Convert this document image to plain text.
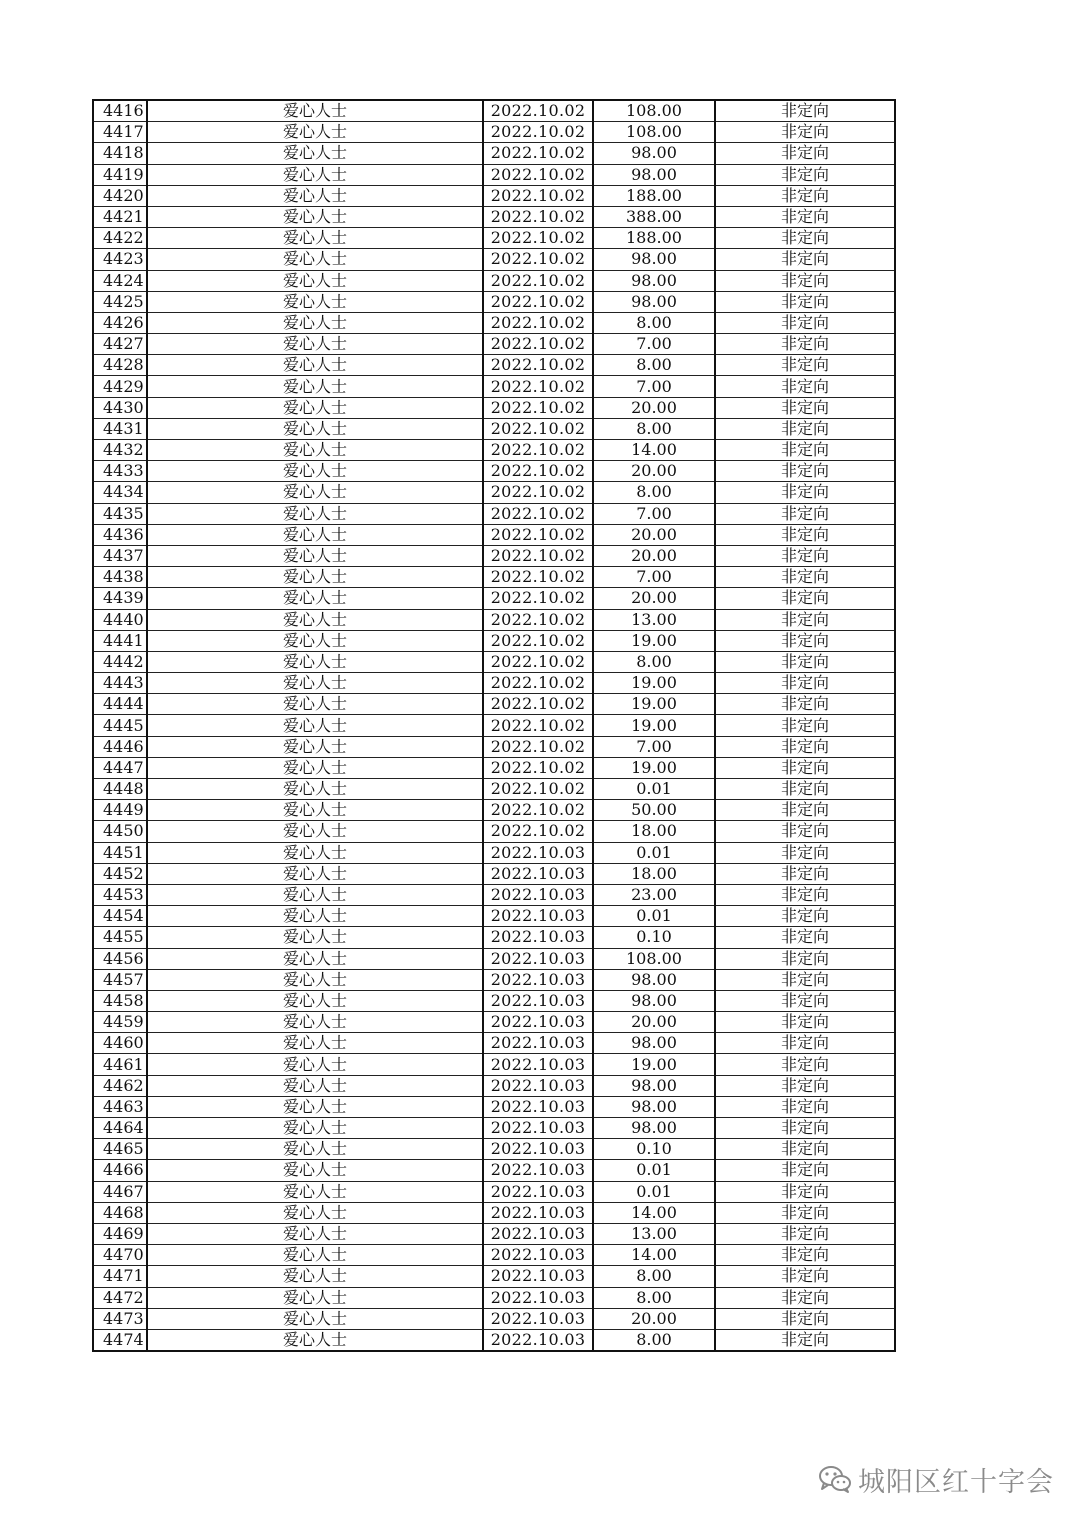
4416	爱心人士	2022.10.02	108.00	非定向
4417	爱心人士	2022.10.02	108.00	非定向
4418	爱心人士	2022.10.02	98.00	非定向
4419	爱心人士	2022.10.02	98.00	非定向
4420	爱心人士	2022.10.02	188.00	非定向
4421	爱心人士	2022.10.02	388.00	非定向
4422	爱心人士	2022.10.02	188.00	非定向
4423	爱心人士	2022.10.02	98.00	非定向
4424	爱心人士	2022.10.02	98.00	非定向
4425	爱心人士	2022.10.02	98.00	非定向
4426	爱心人士	2022.10.02	8.00	非定向
4427	爱心人士	2022.10.02	7.00	非定向
4428	爱心人士	2022.10.02	8.00	非定向
4429	爱心人士	2022.10.02	7.00	非定向
4430	爱心人士	2022.10.02	20.00	非定向
4431	爱心人士	2022.10.02	8.00	非定向
4432	爱心人士	2022.10.02	14.00	非定向
4433	爱心人士	2022.10.02	20.00	非定向
4434	爱心人士	2022.10.02	8.00	非定向
4435	爱心人士	2022.10.02	7.00	非定向
4436	爱心人士	2022.10.02	20.00	非定向
4437	爱心人士	2022.10.02	20.00	非定向
4438	爱心人士	2022.10.02	7.00	非定向
4439	爱心人士	2022.10.02	20.00	非定向
4440	爱心人士	2022.10.02	13.00	非定向
4441	爱心人士	2022.10.02	19.00	非定向
4442	爱心人士	2022.10.02	8.00	非定向
4443	爱心人士	2022.10.02	19.00	非定向
4444	爱心人士	2022.10.02	19.00	非定向
4445	爱心人士	2022.10.02	19.00	非定向
4446	爱心人士	2022.10.02	7.00	非定向
4447	爱心人士	2022.10.02	19.00	非定向
4448	爱心人士	2022.10.02	0.01	非定向
4449	爱心人士	2022.10.02	50.00	非定向
4450	爱心人士	2022.10.02	18.00	非定向
4451	爱心人士	2022.10.03	0.01	非定向
4452	爱心人士	2022.10.03	18.00	非定向
4453	爱心人士	2022.10.03	23.00	非定向
4454	爱心人士	2022.10.03	0.01	非定向
4455	爱心人士	2022.10.03	0.10	非定向
4456	爱心人士	2022.10.03	108.00	非定向
4457	爱心人士	2022.10.03	98.00	非定向
4458	爱心人士	2022.10.03	98.00	非定向
4459	爱心人士	2022.10.03	20.00	非定向
4460	爱心人士	2022.10.03	98.00	非定向
4461	爱心人士	2022.10.03	19.00	非定向
4462	爱心人士	2022.10.03	98.00	非定向
4463	爱心人士	2022.10.03	98.00	非定向
4464	爱心人士	2022.10.03	98.00	非定向
4465	爱心人士	2022.10.03	0.10	非定向
4466	爱心人士	2022.10.03	0.01	非定向
4467	爱心人士	2022.10.03	0.01	非定向
4468	爱心人士	2022.10.03	14.00	非定向
4469	爱心人士	2022.10.03	13.00	非定向
4470	爱心人士	2022.10.03	14.00	非定向
4471	爱心人士	2022.10.03	8.00	非定向
4472	爱心人士	2022.10.03	8.00	非定向
4473	爱心人士	2022.10.03	20.00	非定向
4474	爱心人士	2022.10.03	8.00	非定向
城阳区红十字会
